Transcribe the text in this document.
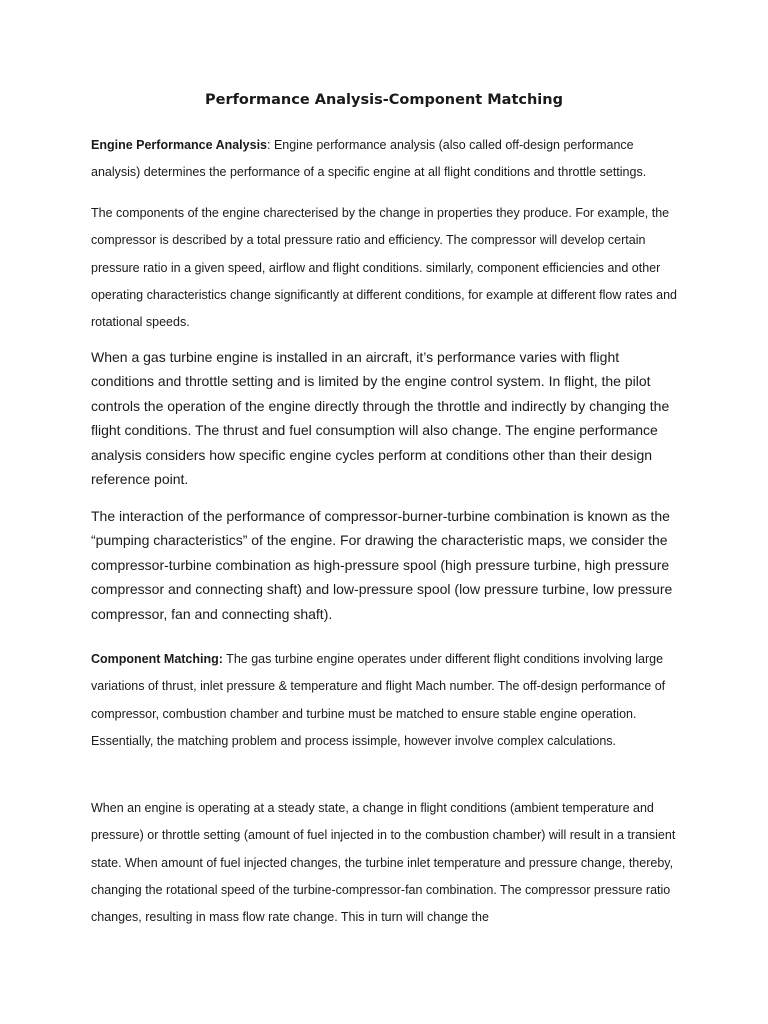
Performance Analysis-Component Matching

Engine Performance Analysis: Engine performance analysis (also called off-design performance analysis) determines the performance of a specific engine at all flight conditions and throttle settings.

The components of the engine charecterised by the change in properties they produce. For example, the compressor is described by a total pressure ratio and efficiency. The compressor will develop certain pressure ratio in a given speed, airflow and flight conditions. similarly, component efficiencies and other operating characteristics change significantly at different conditions, for example at different flow rates and rotational speeds.

When a gas turbine engine is installed in an aircraft, it’s performance varies with flight conditions and throttle setting and is limited by the engine control system. In flight, the pilot controls the operation of the engine directly through the throttle and indirectly by changing the flight conditions. The thrust and fuel consumption will also change. The engine performance analysis considers how specific engine cycles perform at conditions other than their design reference point.

The interaction of the performance of compressor-burner-turbine combination is known as the “pumping characteristics” of the engine. For drawing the characteristic maps, we consider the compressor-turbine combination as high-pressure spool (high pressure turbine, high pressure compressor and connecting shaft) and low-pressure spool (low pressure turbine, low pressure compressor, fan and connecting shaft).

Component Matching: The gas turbine engine operates under different flight conditions involving large variations of thrust, inlet pressure & temperature and flight Mach number. The off-design performance of compressor, combustion chamber and turbine must be matched to ensure stable engine operation. Essentially, the matching problem and process issimple, however involve complex calculations.

When an engine is operating at a steady state, a change in flight conditions (ambient temperature and pressure) or throttle setting (amount of fuel injected in to the combustion chamber) will result in a transient state. When amount of fuel injected changes, the turbine inlet temperature and pressure change, thereby, changing the rotational speed of the turbine-compressor-fan combination. The compressor pressure ratio changes, resulting in mass flow rate change. This in turn will change the
